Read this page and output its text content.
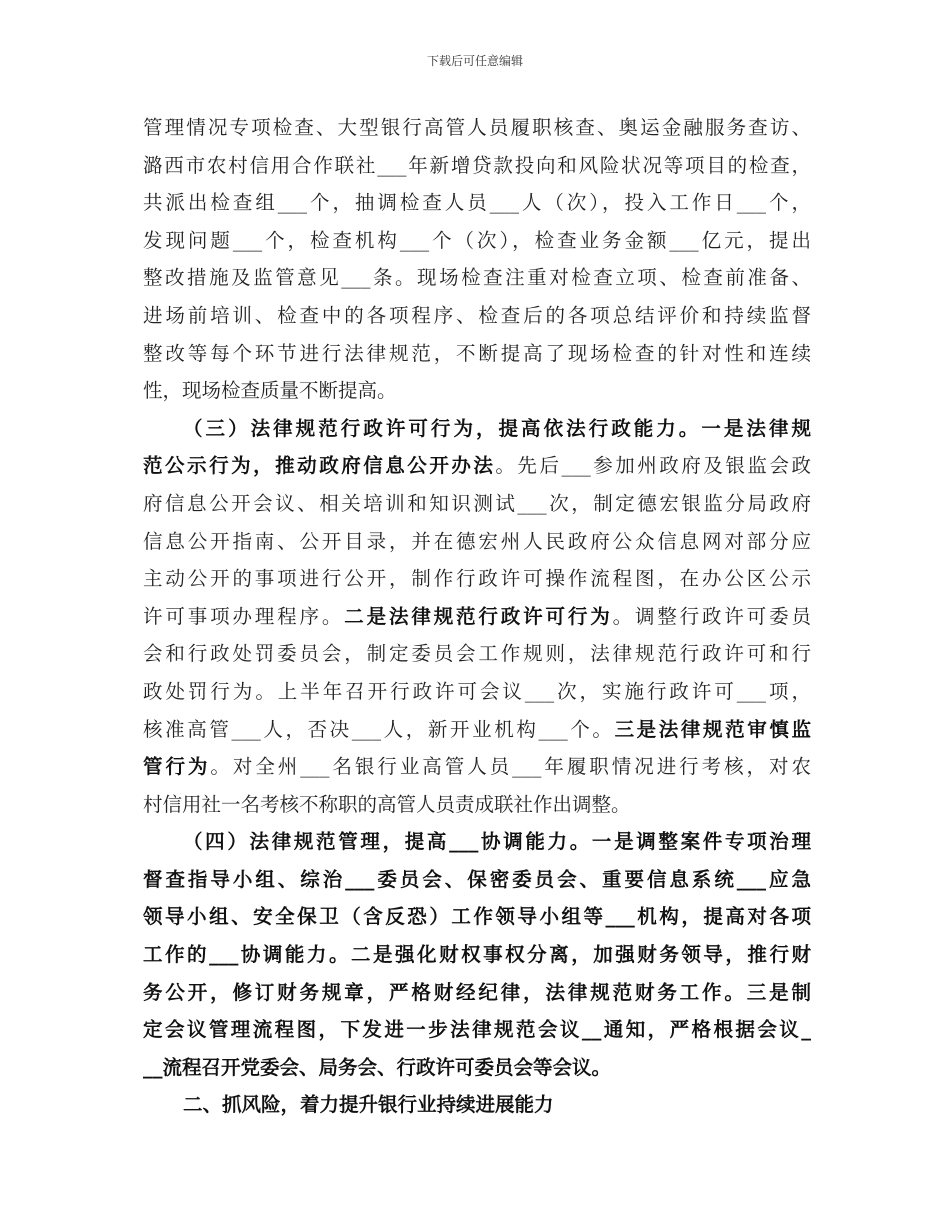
下载后可任意编辑
管理情况专项检查、大型银行高管人员履职核查、奥运金融服务查访、
潞西市农村信用合作联社___年新增贷款投向和风险状况等项目的检查，
共派出检查组___个，抽调检查人员___人（次），投入工作日___个，
发现问题___个，检查机构___个（次），检查业务金额___亿元，提出
整改措施及监管意见___条。现场检查注重对检查立项、检查前准备、
进场前培训、检查中的各项程序、检查后的各项总结评价和持续监督
整改等每个环节进行法律规范，不断提高了现场检查的针对性和连续
性，现场检查质量不断提高。
（三）法律规范行政许可行为，提高依法行政能力。一是法律规
范公示行为，推动政府信息公开办法。先后___参加州政府及银监会政
府信息公开会议、相关培训和知识测试___次，制定德宏银监分局政府
信息公开指南、公开目录，并在德宏州人民政府公众信息网对部分应
主动公开的事项进行公开，制作行政许可操作流程图，在办公区公示
许可事项办理程序。二是法律规范行政许可行为。调整行政许可委员
会和行政处罚委员会，制定委员会工作规则，法律规范行政许可和行
政处罚行为。上半年召开行政许可会议___次，实施行政许可___项，
核准高管___人，否决___人，新开业机构___个。三是法律规范审慎监
管行为。对全州___名银行业高管人员___年履职情况进行考核，对农
村信用社一名考核不称职的高管人员责成联社作出调整。
（四）法律规范管理，提高___协调能力。一是调整案件专项治理
督查指导小组、综治___委员会、保密委员会、重要信息系统___应急
领导小组、安全保卫（含反恐）工作领导小组等___机构，提高对各项
工作的___协调能力。二是强化财权事权分离，加强财务领导，推行财
务公开，修订财务规章，严格财经纪律，法律规范财务工作。三是制
定会议管理流程图，下发进一步法律规范会议__通知，严格根据会议_
__流程召开党委会、局务会、行政许可委员会等会议。
二、抓风险，着力提升银行业持续进展能力
